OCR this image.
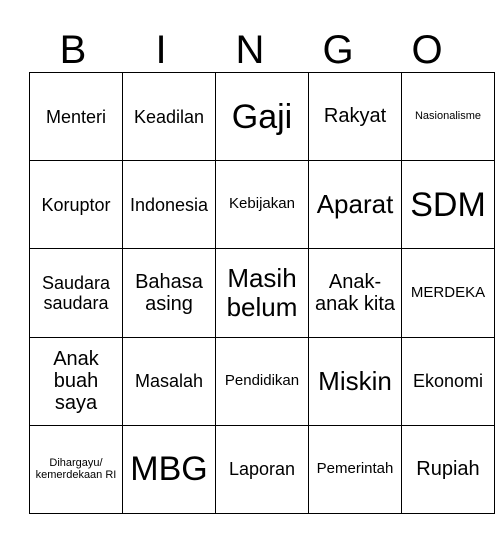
B	I	N	G	O
Menteri	Keadilan	Gaji	Rakyat	Nasionalisme
Koruptor	Indonesia	Kebijakan	Aparat	SDM
Saudara saudara	Bahasa asing	Masih belum	Anak-anak kita	MERDEKA
Anak buah saya	Masalah	Pendidikan	Miskin	Ekonomi
Dihargayu/ kemerdekaan RI	MBG	Laporan	Pemerintah	Rupiah
